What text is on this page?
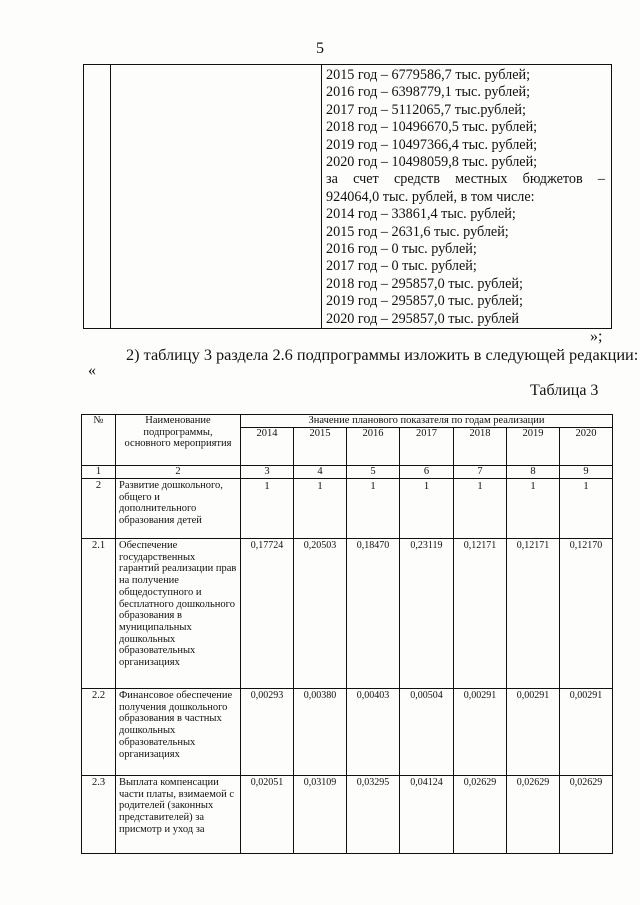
5

2015 год – 6779586,7 тыс. рублей;
2016 год – 6398779,1 тыс. рублей;
2017 год – 5112065,7 тыс.рублей;
2018 год – 10496670,5 тыс. рублей;
2019 год – 10497366,4 тыс. рублей;
2020 год – 10498059,8 тыс. рублей;
за счет средств местных бюджетов –
924064,0 тыс. рублей, в том числе:
2014 год – 33861,4 тыс. рублей;
2015 год – 2631,6 тыс. рублей;
2016 год – 0 тыс. рублей;
2017 год – 0 тыс. рублей;
2018 год – 295857,0 тыс. рублей;
2019 год – 295857,0 тыс. рублей;
2020 год – 295857,0 тыс. рублей
»;
2) таблицу 3 раздела 2.6 подпрограммы изложить в следующей редакции:
«
Таблица 3
№	Наименование подпрограммы, основного мероприятия	Значение планового показателя по годам реализации						
		2014	2015	2016	2017	2018	2019	2020
1	2	3	4	5	6	7	8	9
2	Развитие дошкольного, общего и дополнительного образования детей	1	1	1	1	1	1	1
2.1	Обеспечение государственных гарантий реализации прав на получение общедоступного и бесплатного дошкольного образования в муниципальных дошкольных образовательных организациях	0,17724	0,20503	0,18470	0,23119	0,12171	0,12171	0,12170
2.2	Финансовое обеспечение получения дошкольного образования в частных дошкольных образовательных организациях	0,00293	0,00380	0,00403	0,00504	0,00291	0,00291	0,00291
2.3	Выплата компенсации части платы, взимаемой с родителей (законных представителей) за присмотр и уход за	0,02051	0,03109	0,03295	0,04124	0,02629	0,02629	0,02629
